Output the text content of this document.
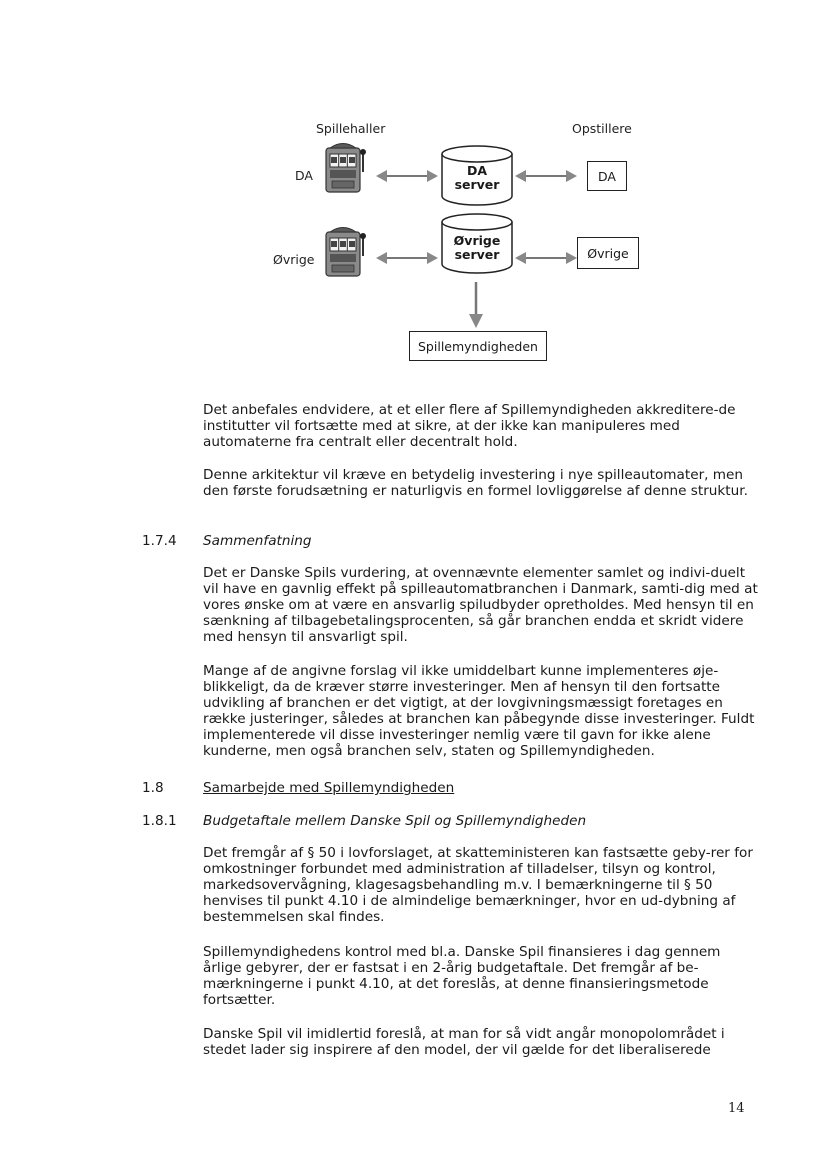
Spillehaller	Opstillere
DA
Øvrige
DA
server
Øvrige
server
DA
Øvrige
Spillemyndigheden

Det anbefales endvidere, at et eller flere af Spillemyndigheden akkreditere-de institutter vil fortsætte med at sikre, at der ikke kan manipuleres med automaterne fra centralt eller decentralt hold.

Denne arkitektur vil kræve en betydelig investering i nye spilleautomater, men den første forudsætning er naturligvis en formel lovliggørelse af denne struktur.

1.7.4 Sammenfatning

Det er Danske Spils vurdering, at ovennævnte elementer samlet og indivi-duelt vil have en gavnlig effekt på spilleautomatbranchen i Danmark, samti-dig med at vores ønske om at være en ansvarlig spiludbyder opretholdes. Med hensyn til en sænkning af tilbagebetalingsprocenten, så går branchen endda et skridt videre med hensyn til ansvarligt spil.

Mange af de angivne forslag vil ikke umiddelbart kunne implementeres øje-blikkeligt, da de kræver større investeringer. Men af hensyn til den fortsatte udvikling af branchen er det vigtigt, at der lovgivningsmæssigt foretages en række justeringer, således at branchen kan påbegynde disse investeringer. Fuldt implementerede vil disse investeringer nemlig være til gavn for ikke alene kunderne, men også branchen selv, staten og Spillemyndigheden.

1.8	Samarbejde med Spillemyndigheden
1.8.1 Budgetaftale mellem Danske Spil og Spillemyndigheden

Det fremgår af § 50 i lovforslaget, at skatteministeren kan fastsætte geby-rer for omkostninger forbundet med administration af tilladelser, tilsyn og kontrol, markedsovervågning, klagesagsbehandling m.v. I bemærkningerne til § 50 henvises til punkt 4.10 i de almindelige bemærkninger, hvor en ud-dybning af bestemmelsen skal findes.

Spillemyndighedens kontrol med bl.a. Danske Spil finansieres i dag gennem årlige gebyrer, der er fastsat i en 2-årig budgetaftale. Det fremgår af be-mærkningerne i punkt 4.10, at det foreslås, at denne finansieringsmetode fortsætter.

Danske Spil vil imidlertid foreslå, at man for så vidt angår monopolområdet i stedet lader sig inspirere af den model, der vil gælde for det liberaliserede

14
